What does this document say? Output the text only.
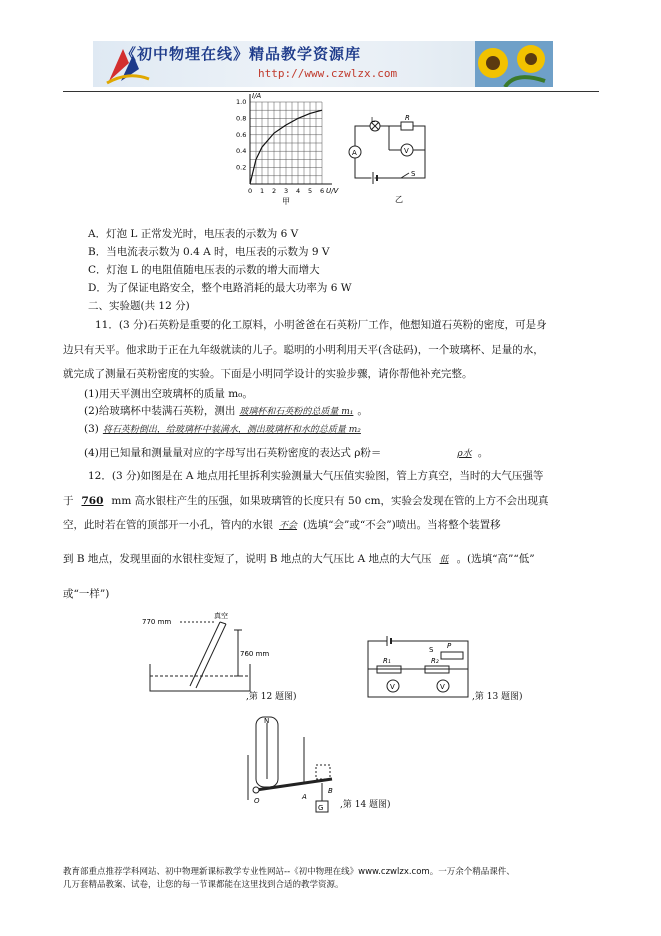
《初中物理在线》精品教学资源库
http://www.czwlzx.com
0 1 2 3 4 5 6
0.2
0.4
0.6
0.8
1.0
I/A
U/V
甲
L	R
A	V
S
乙
A．灯泡 L 正常发光时，电压表的示数为 6 V
B．当电流表示数为 0.4 A 时，电压表的示数为 9 V
C．灯泡 L 的电阻值随电压表的示数的增大而增大
D．为了保证电路安全，整个电路消耗的最大功率为 6 W
二、实验题(共 12 分)
11．(3 分)石英粉是重要的化工原料，小明爸爸在石英粉厂工作，他想知道石英粉的密度，可是身
边只有天平。他求助于正在九年级就读的儿子。聪明的小明利用天平(含砝码)，一个玻璃杯、足量的水，
就完成了测量石英粉密度的实验。下面是小明同学设计的实验步骤，请你帮他补充完整。
(1)用天平测出空玻璃杯的质量 m₀。
(2)给玻璃杯中装满石英粉，测出 玻璃杯和石英粉的总质量 m₁ 。
(3) 将石英粉倒出，给玻璃杯中装满水，测出玻璃杯和水的总质量 m₂
(4)用已知量和测量量对应的字母写出石英粉密度的表达式 ρ粉＝	ρ水 。
12．(3 分)如图是在 A 地点用托里拆利实验测量大气压值实验图，管上方真空，当时的大气压强等
于 760 mm 高水银柱产生的压强，如果玻璃管的长度只有 50 cm，实验会发现在管的上方不会出现真
空，此时若在管的顶部开一小孔，管内的水银 不会 (选填“会”或“不会”)喷出。当将整个装置移
到 B 地点，发现里面的水银柱变短了，说明 B 地点的大气压比 A 地点的大气压 低 。(选填“高”“低”
或“一样”)
真空
770 mm
760 mm
,第 12 题图)
P
S
R₁	R₂
V	V
,第 13 题图)
N
O	A
B
G ,第 14 题图)
教育部重点推荐学科网站、初中物理新课标教学专业性网站--《初中物理在线》www.czwlzx.com。一万余个精品课件、
几万套精品教案、试卷，让您的每一节课都能在这里找到合适的教学资源。
